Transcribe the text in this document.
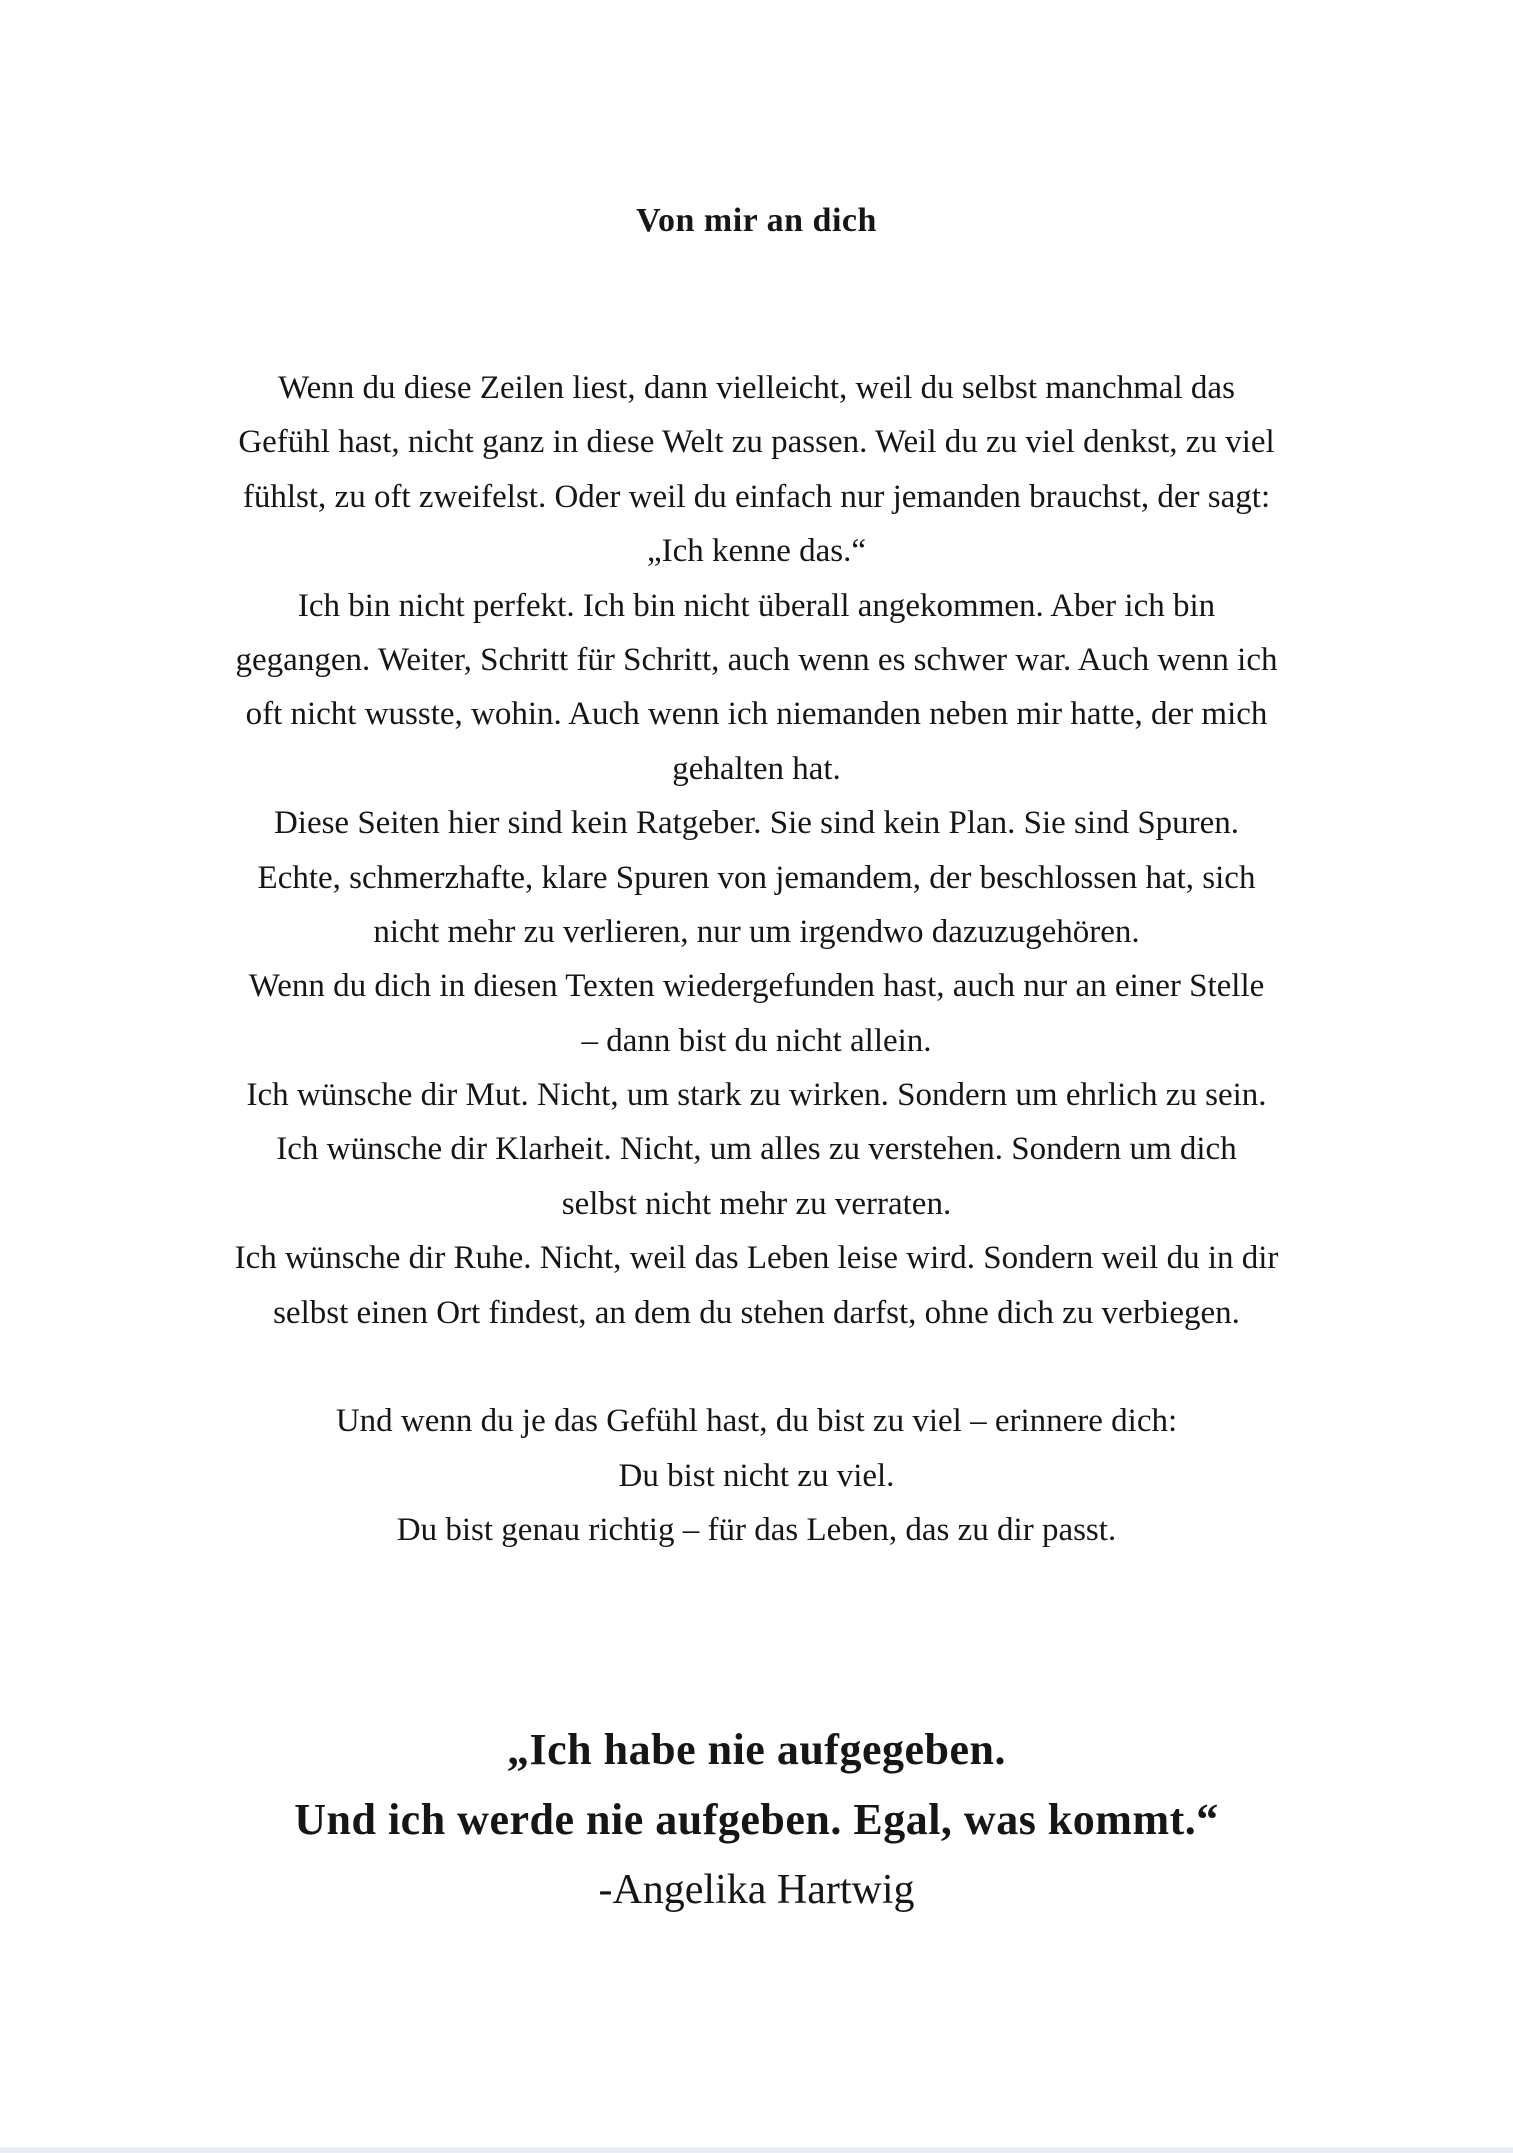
Von mir an dich
Wenn du diese Zeilen liest, dann vielleicht, weil du selbst manchmal das
Gefühl hast, nicht ganz in diese Welt zu passen. Weil du zu viel denkst, zu viel
fühlst, zu oft zweifelst. Oder weil du einfach nur jemanden brauchst, der sagt:
„Ich kenne das.“
Ich bin nicht perfekt. Ich bin nicht überall angekommen. Aber ich bin
gegangen. Weiter, Schritt für Schritt, auch wenn es schwer war. Auch wenn ich
oft nicht wusste, wohin. Auch wenn ich niemanden neben mir hatte, der mich
gehalten hat.
Diese Seiten hier sind kein Ratgeber. Sie sind kein Plan. Sie sind Spuren.
Echte, schmerzhafte, klare Spuren von jemandem, der beschlossen hat, sich
nicht mehr zu verlieren, nur um irgendwo dazuzugehören.
Wenn du dich in diesen Texten wiedergefunden hast, auch nur an einer Stelle
– dann bist du nicht allein.
Ich wünsche dir Mut. Nicht, um stark zu wirken. Sondern um ehrlich zu sein.
Ich wünsche dir Klarheit. Nicht, um alles zu verstehen. Sondern um dich
selbst nicht mehr zu verraten.
Ich wünsche dir Ruhe. Nicht, weil das Leben leise wird. Sondern weil du in dir
selbst einen Ort findest, an dem du stehen darfst, ohne dich zu verbiegen.
Und wenn du je das Gefühl hast, du bist zu viel – erinnere dich:
Du bist nicht zu viel.
Du bist genau richtig – für das Leben, das zu dir passt.
„Ich habe nie aufgegeben.
Und ich werde nie aufgeben. Egal, was kommt.“
-Angelika Hartwig
